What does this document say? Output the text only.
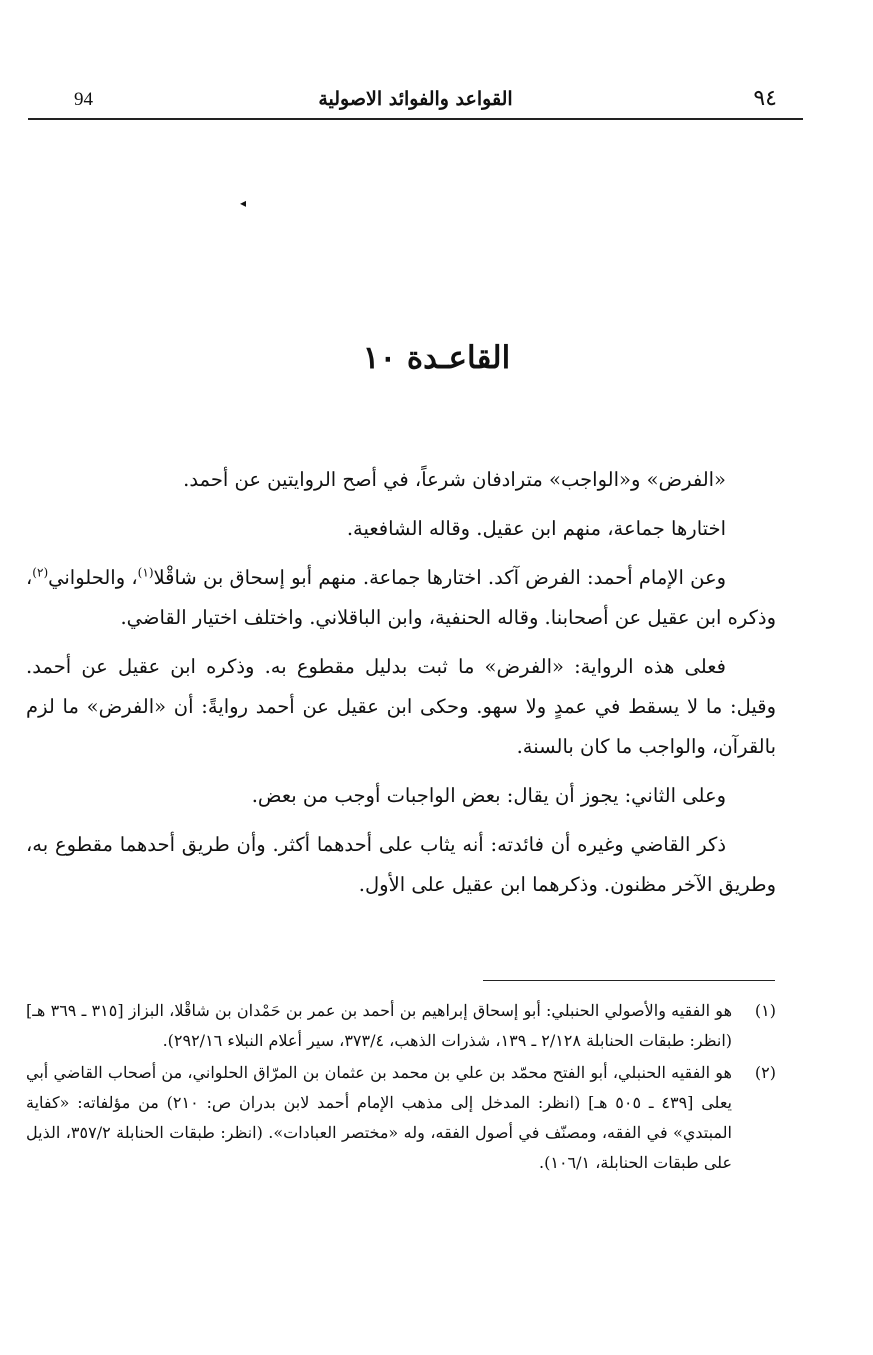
٩٤
القواعد والفوائد الاصولية
94
◂
القاعـدة ١٠

«الفرض» و«الواجب» مترادفان شرعاً، في أصح الروايتين عن أحمد.

اختارها جماعة، منهم ابن عقيل. وقاله الشافعية.

وعن الإمام أحمد: الفرض آكد. اختارها جماعة. منهم أبو إسحاق بن شاقْلا$^{(١)}$، والحلواني$^{(٢)}$، وذكره ابن عقيل عن أصحابنا. وقاله الحنفية، وابن الباقلاني. واختلف اختيار القاضي.

فعلى هذه الرواية: «الفرض» ما ثبت بدليل مقطوع به. وذكره ابن عقيل عن أحمد. وقيل: ما لا يسقط في عمدٍ ولا سهو. وحكى ابن عقيل عن أحمد روايةً: أن «الفرض» ما لزم بالقرآن، والواجب ما كان بالسنة.

وعلى الثاني: يجوز أن يقال: بعض الواجبات أوجب من بعض.

ذكر القاضي وغيره أن فائدته: أنه يثاب على أحدهما أكثر. وأن طريق أحدهما مقطوع به، وطريق الآخر مظنون. وذكرهما ابن عقيل على الأول.

(١)
هو الفقيه والأصولي الحنبلي: أبو إسحاق إبراهيم بن أحمد بن عمر بن حَمْدان بن شاقْلا، البزاز [٣١٥ ـ ٣٦٩ هـ] (انظر: طبقات الحنابلة ٢/١٢٨ ـ ١٣٩، شذرات الذهب، ٣٧٣/٤، سير أعلام النبلاء ٢٩٢/١٦).
(٢)
هو الفقيه الحنبلي، أبو الفتح محمّد بن علي بن محمد بن عثمان بن المرّاق الحلواني، من أصحاب القاضي أبي يعلى [٤٣٩ ـ ٥٠٥ هـ] (انظر: المدخل إلى مذهب الإمام أحمد لابن بدران ص: ٢١٠) من مؤلفاته: «كفاية المبتدي» في الفقه، ومصنّف في أصول الفقه، وله «مختصر العبادات». (انظر: طبقات الحنابلة ٣٥٧/٢، الذيل على طبقات الحنابلة، ١٠٦/١).
